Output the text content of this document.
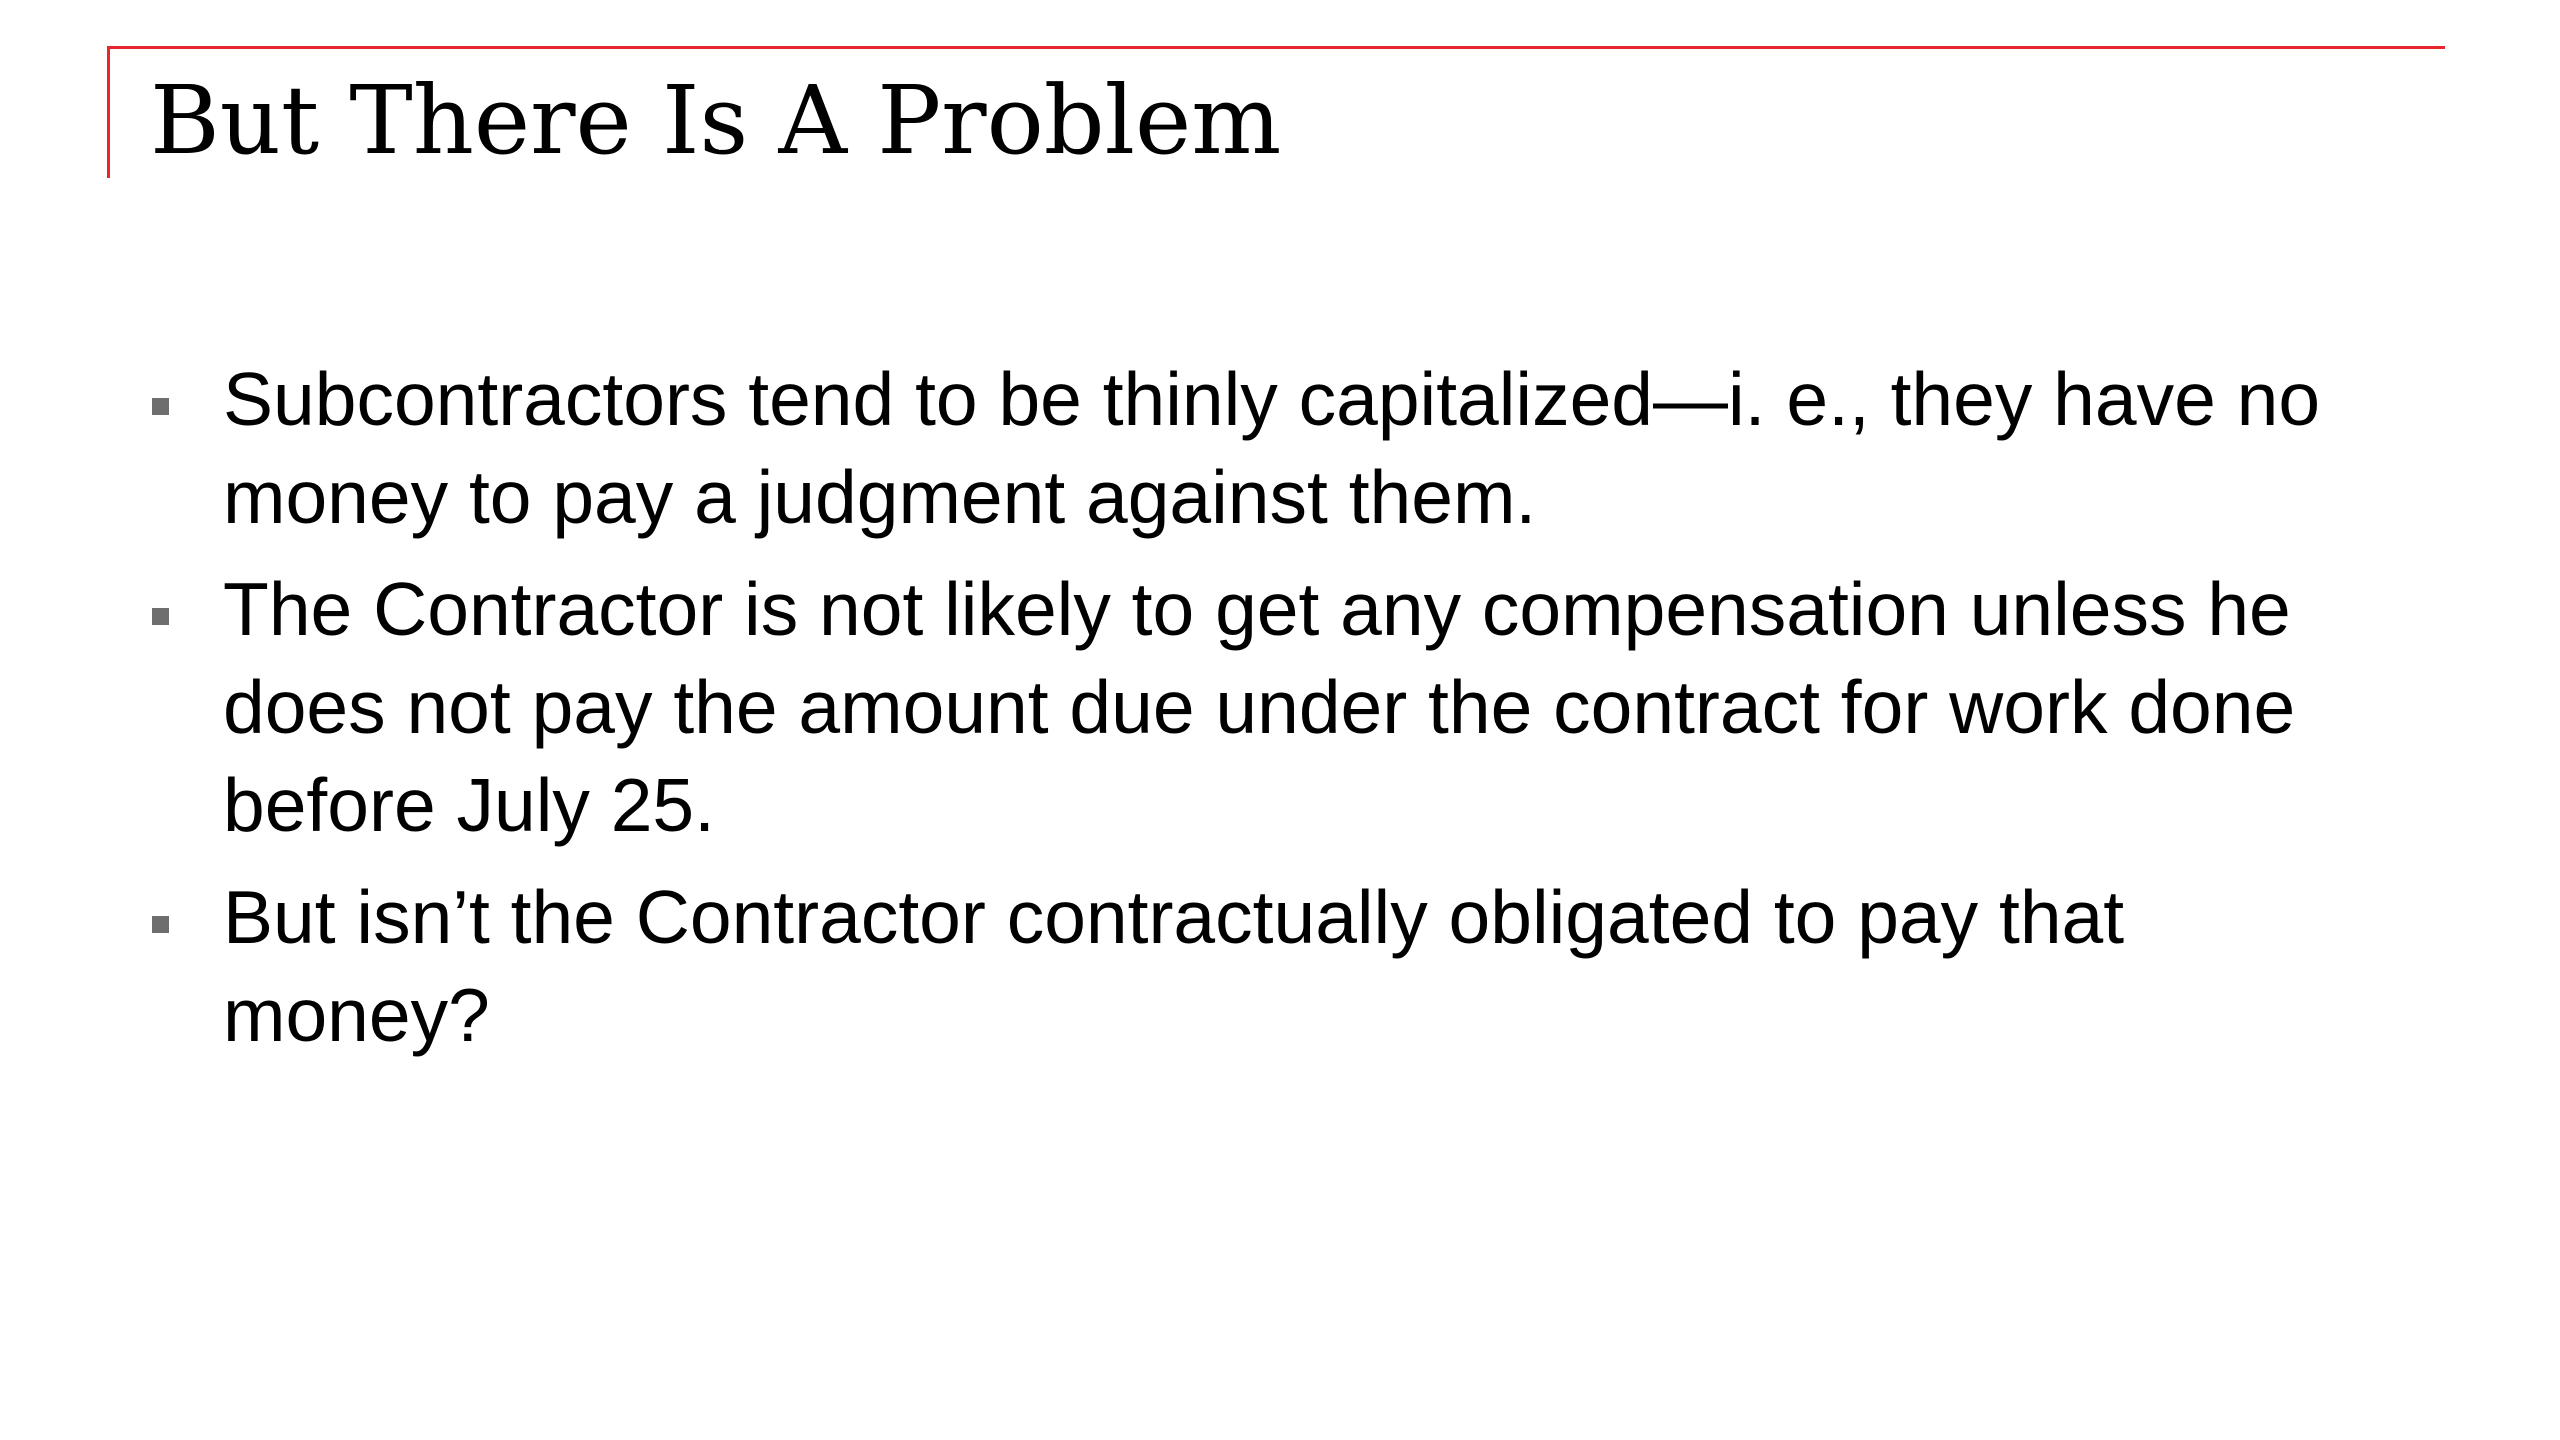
But There Is A Problem
Subcontractors tend to be thinly capitalized—i. e., they have no money to pay a judgment against them.
The Contractor is not likely to get any compensation unless he does not pay the amount due under the contract for work done before July 25.
But isn’t the Contractor contractually obligated to pay that money?
